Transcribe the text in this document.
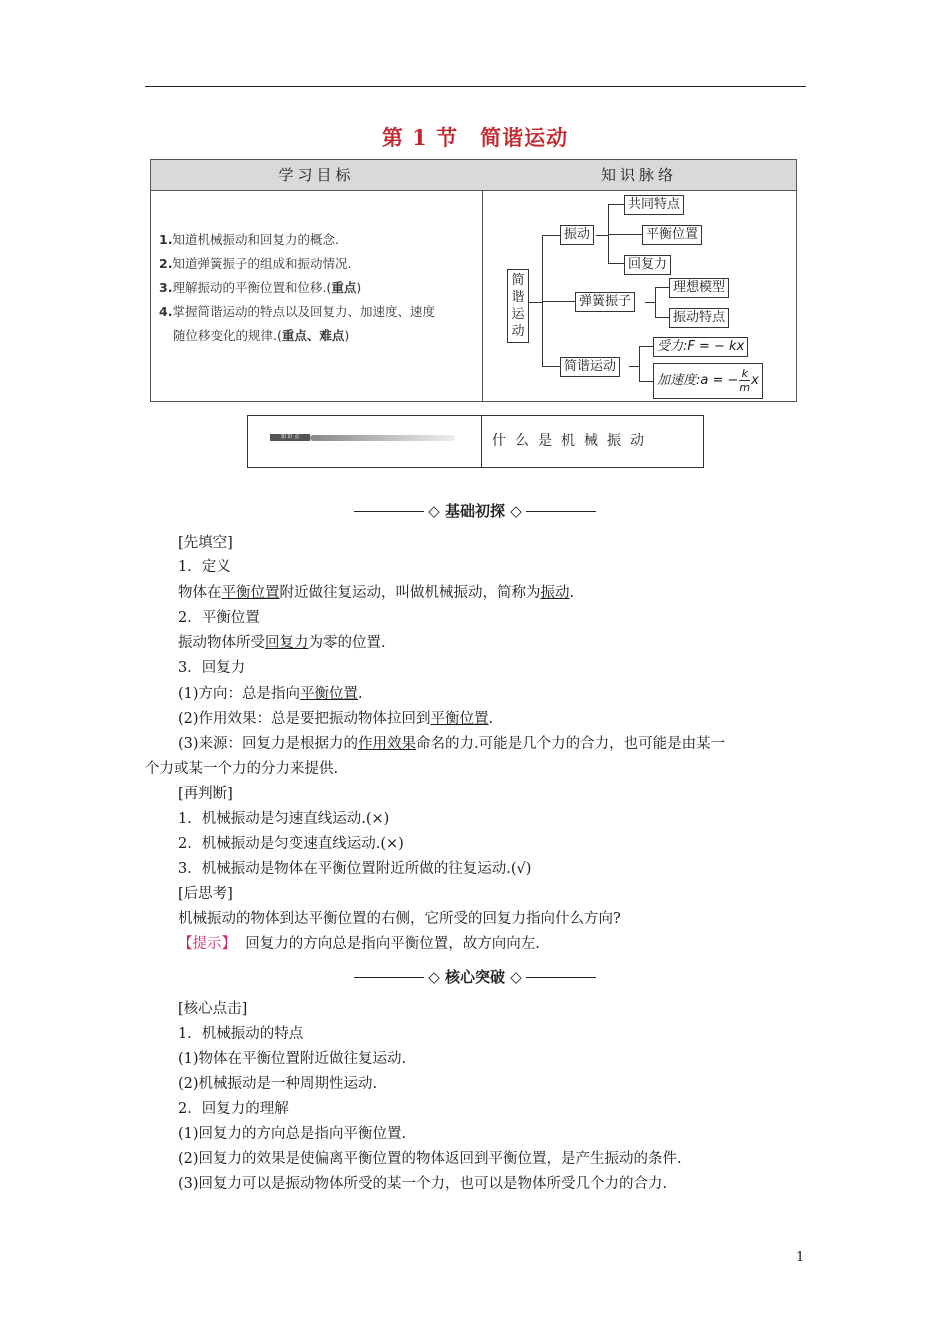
第 1 节 简谐运动
学习目标	知识脉络
1.知道机械振动和回复力的概念.
2.知道弹簧振子的组成和振动情况.
3.理解振动的平衡位置和位移.(重点)
4.掌握简谐运动的特点以及回复力、加速度、速度
随位移变化的规律.(重点、难点)
简谐运动
振动
共同特点
平衡位置
回复力
弹簧振子
理想模型
振动特点
简谐运动
受力:F = − kx
加速度:a = − $\frac{k}{m}$ x
知 识 点	什么是机械振动
◇ 基础初探 ◇
[先填空]
1．定义
物体在平衡位置附近做往复运动，叫做机械振动，简称为振动.
2．平衡位置
振动物体所受回复力为零的位置.
3．回复力
(1)方向：总是指向平衡位置.
(2)作用效果：总是要把振动物体拉回到平衡位置.
(3)来源：回复力是根据力的作用效果命名的力.可能是几个力的合力，也可能是由某一
个力或某一个力的分力来提供.
[再判断]
1．机械振动是匀速直线运动.(×)
2．机械振动是匀变速直线运动.(×)
3．机械振动是物体在平衡位置附近所做的往复运动.(√)
[后思考]
机械振动的物体到达平衡位置的右侧，它所受的回复力指向什么方向?
【提示】 回复力的方向总是指向平衡位置，故方向向左.
◇ 核心突破 ◇
[核心点击]
1．机械振动的特点
(1)物体在平衡位置附近做往复运动.
(2)机械振动是一种周期性运动.
2．回复力的理解
(1)回复力的方向总是指向平衡位置.
(2)回复力的效果是使偏离平衡位置的物体返回到平衡位置，是产生振动的条件.
(3)回复力可以是振动物体所受的某一个力，也可以是物体所受几个力的合力.
1
